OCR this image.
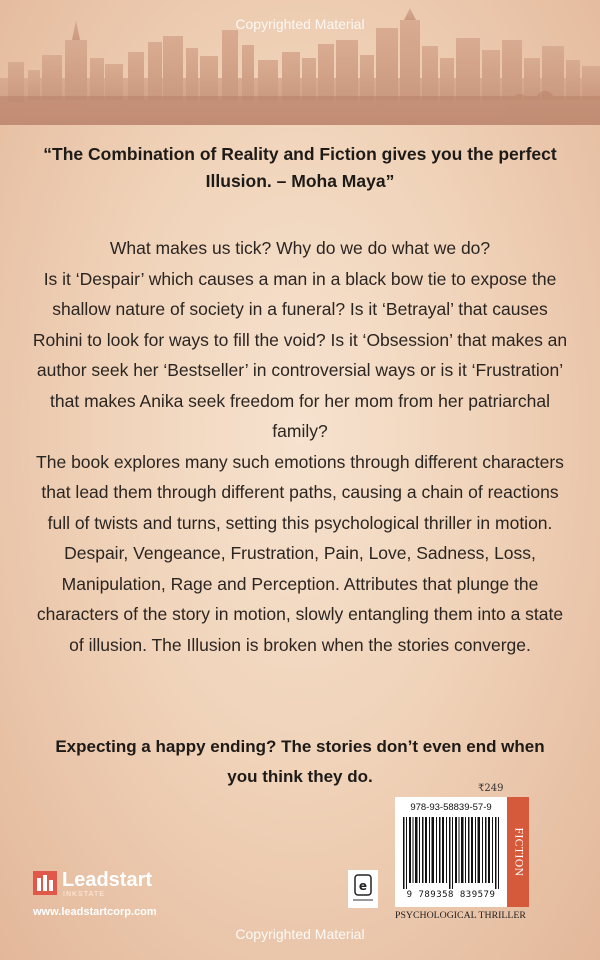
Copyrighted Material
“The Combination of Reality and Fiction gives you the perfect Illusion. – Moha Maya”

What makes us tick? Why do we do what we do?

Is it ‘Despair’ which causes a man in a black bow tie to expose the shallow nature of society in a funeral? Is it ‘Betrayal’ that causes Rohini to look for ways to fill the void? Is it ‘Obsession’ that makes an author seek her ‘Bestseller’ in controversial ways or is it ‘Frustration’ that makes Anika seek freedom for her mom from her patriarchal family?

The book explores many such emotions through different characters that lead them through different paths, causing a chain of reactions full of twists and turns, setting this psychological thriller in motion. Despair, Vengeance, Frustration, Pain, Love, Sadness, Loss, Manipulation, Rage and Perception. Attributes that plunge the characters of the story in motion, slowly entangling them into a state of illusion. The Illusion is broken when the stories converge.

Expecting a happy ending? The stories don’t even end when you think they do.
Leadstart
INKSTATE
www.leadstartcorp.com
e
₹249
978-93-58839-57-9
9 789358 839579
FICTION
PSYCHOLOGICAL THRILLER
Copyrighted Material
